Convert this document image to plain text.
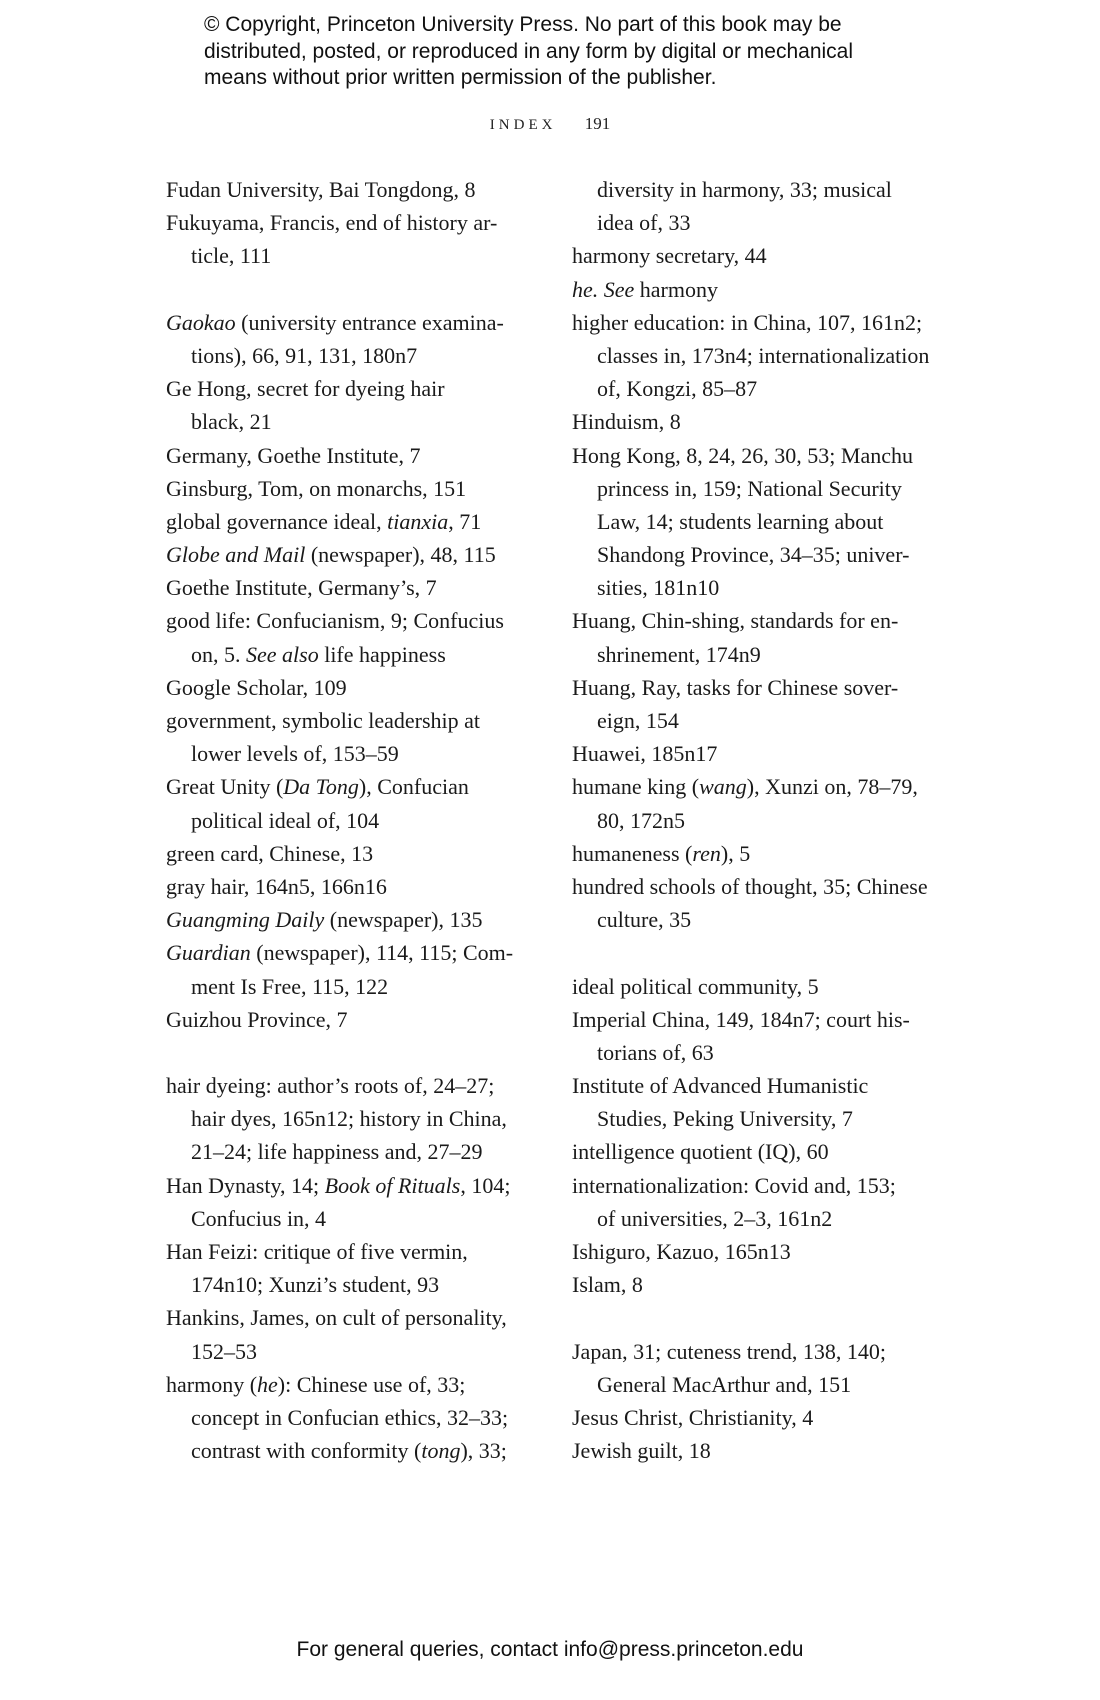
© Copyright, Princeton University Press. No part of this book may be
distributed, posted, or reproduced in any form by digital or mechanical
means without prior written permission of the publisher.
INDEX 191
Fudan University, Bai Tongdong, 8
Fukuyama, Francis, end of history ar-
ticle, 111
Gaokao (university entrance examina-
tions), 66, 91, 131, 180n7
Ge Hong, secret for dyeing hair
black, 21
Germany, Goethe Institute, 7
Ginsburg, Tom, on monarchs, 151
global governance ideal, tianxia, 71
Globe and Mail (newspaper), 48, 115
Goethe Institute, Germany’s, 7
good life: Confucianism, 9; Confucius
on, 5. See also life happiness
Google Scholar, 109
government, symbolic leadership at
lower levels of, 153–59
Great Unity (Da Tong), Confucian
political ideal of, 104
green card, Chinese, 13
gray hair, 164n5, 166n16
Guangming Daily (newspaper), 135
Guardian (newspaper), 114, 115; Com-
ment Is Free, 115, 122
Guizhou Province, 7
hair dyeing: author’s roots of, 24–27;
hair dyes, 165n12; history in China,
21–24; life happiness and, 27–29
Han Dynasty, 14; Book of Rituals, 104;
Confucius in, 4
Han Feizi: critique of five vermin,
174n10; Xunzi’s student, 93
Hankins, James, on cult of personality,
152–53
harmony (he): Chinese use of, 33;
concept in Confucian ethics, 32–33;
contrast with conformity (tong), 33;
diversity in harmony, 33; musical
idea of, 33
harmony secretary, 44
he. See harmony
higher education: in China, 107, 161n2;
classes in, 173n4; internationalization
of, Kongzi, 85–87
Hinduism, 8
Hong Kong, 8, 24, 26, 30, 53; Manchu
princess in, 159; National Security
Law, 14; students learning about
Shandong Province, 34–35; univer-
sities, 181n10
Huang, Chin-shing, standards for en-
shrinement, 174n9
Huang, Ray, tasks for Chinese sover-
eign, 154
Huawei, 185n17
humane king (wang), Xunzi on, 78–79,
80, 172n5
humaneness (ren), 5
hundred schools of thought, 35; Chinese
culture, 35
ideal political community, 5
Imperial China, 149, 184n7; court his-
torians of, 63
Institute of Advanced Humanistic
Studies, Peking University, 7
intelligence quotient (IQ), 60
internationalization: Covid and, 153;
of universities, 2–3, 161n2
Ishiguro, Kazuo, 165n13
Islam, 8
Japan, 31; cuteness trend, 138, 140;
General MacArthur and, 151
Jesus Christ, Christianity, 4
Jewish guilt, 18
For general queries, contact info@press.princeton.edu
